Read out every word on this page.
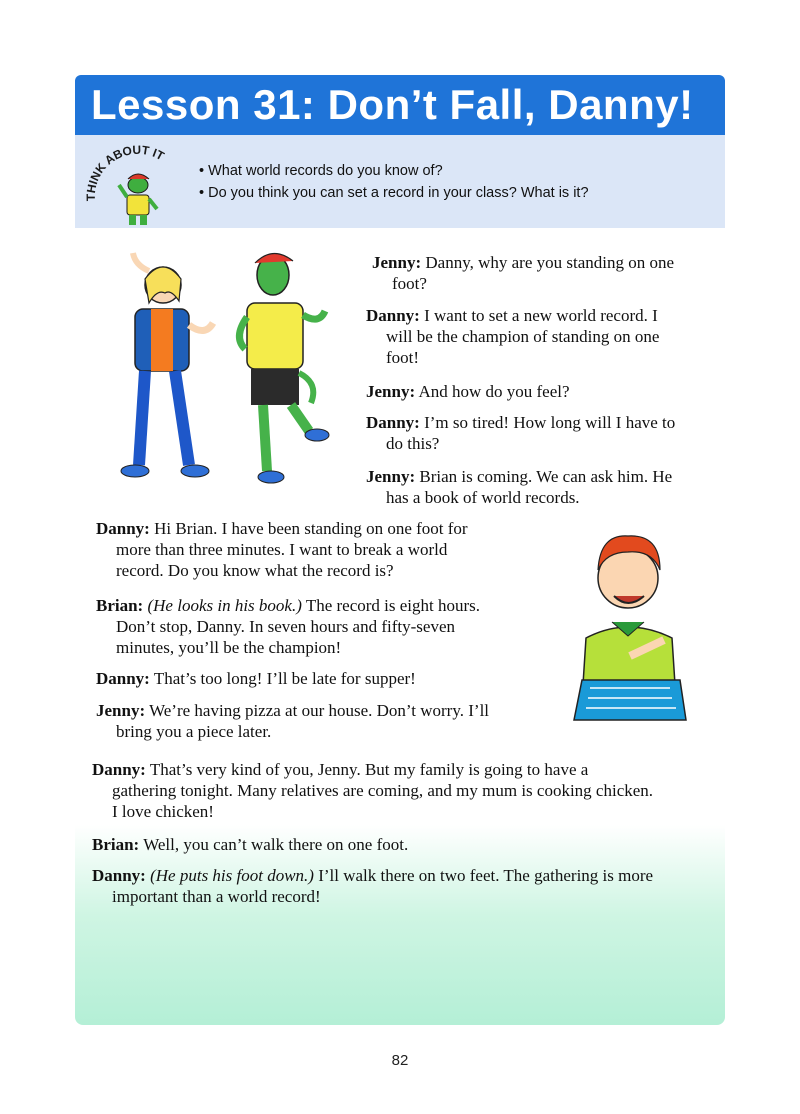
Lesson 31: Don’t Fall, Danny!
THINK ABOUT IT
• What world records do you know of?
• Do you think you can set a record in your class? What is it?
Jenny: Danny, why are you standing on one
foot?
Danny: I want to set a new world record. I
will be the champion of standing on one
foot!
Jenny: And how do you feel?
Danny: I’m so tired! How long will I have to
do this?
Jenny: Brian is coming. We can ask him. He
has a book of world records.
Danny: Hi Brian. I have been standing on one foot for
more than three minutes. I want to break a world
record. Do you know what the record is?
Brian: (He looks in his book.) The record is eight hours.
Don’t stop, Danny. In seven hours and fifty-seven
minutes, you’ll be the champion!
Danny: That’s too long! I’ll be late for supper!
Jenny: We’re having pizza at our house. Don’t worry. I’ll
bring you a piece later.
Danny: That’s very kind of you, Jenny. But my family is going to have a
gathering tonight. Many relatives are coming, and my mum is cooking chicken.
I love chicken!
Brian: Well, you can’t walk there on one foot.
Danny: (He puts his foot down.) I’ll walk there on two feet. The gathering is more
important than a world record!
82
